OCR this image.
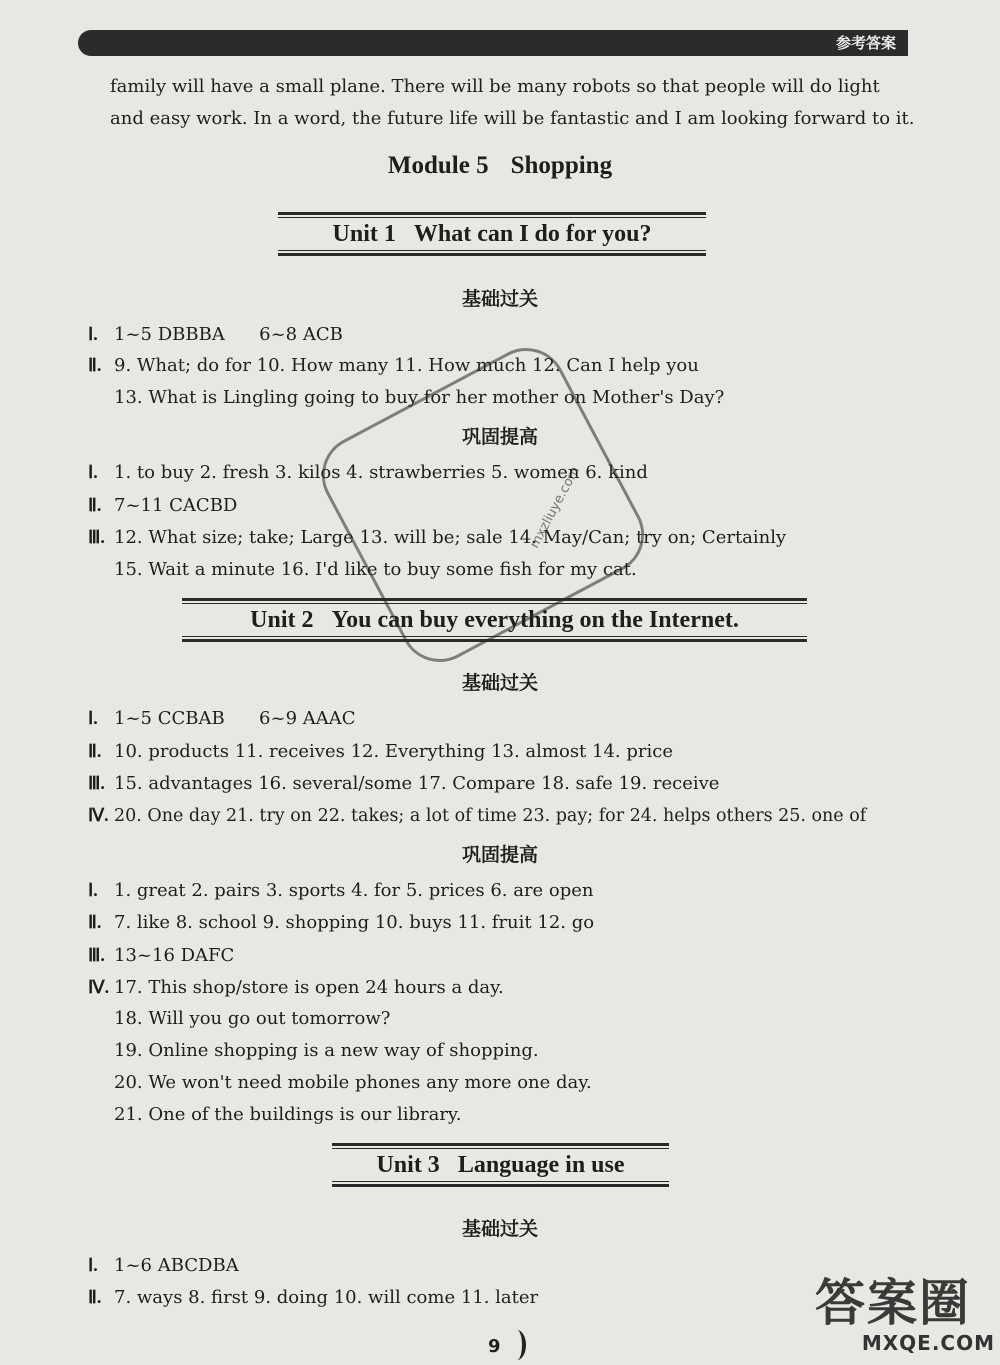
参考答案
family will have a small plane. There will be many robots so that people will do light
and easy work. In a word, the future life will be fantastic and I am looking forward to it.
Module 5 Shopping
Unit 1 What can I do for you?
基础过关
Ⅰ. 1~5 DBBBA      6~8 ACB
Ⅱ. 9. What; do for 10. How many 11. How much 12. Can I help you
13. What is Lingling going to buy for her mother on Mother's Day?
巩固提高
Ⅰ. 1. to buy 2. fresh 3. kilos 4. strawberries 5. women 6. kind
Ⅱ. 7~11 CACBD
Ⅲ. 12. What size; take; Large 13. will be; sale 14. May/Can; try on; Certainly
15. Wait a minute 16. I'd like to buy some fish for my cat.
Unit 2 You can buy everything on the Internet.
基础过关
Ⅰ. 1~5 CCBAB      6~9 AAAC
Ⅱ. 10. products 11. receives 12. Everything 13. almost 14. price
Ⅲ. 15. advantages 16. several/some 17. Compare 18. safe 19. receive
Ⅳ. 20. One day 21. try on 22. takes; a lot of time 23. pay; for 24. helps others 25. one of
巩固提高
Ⅰ. 1. great 2. pairs 3. sports 4. for 5. prices 6. are open
Ⅱ. 7. like 8. school 9. shopping 10. buys 11. fruit 12. go
Ⅲ. 13~16 DAFC
Ⅳ. 17. This shop/store is open 24 hours a day.
18. Will you go out tomorrow?
19. Online shopping is a new way of shopping.
20. We won't need mobile phones any more one day.
21. One of the buildings is our library.
Unit 3 Language in use
基础过关
Ⅰ. 1~6 ABCDBA
Ⅱ. 7. ways 8. first 9. doing 10. will come 11. later
mxzliuye.com
9
答案圈
MXQE.COM
